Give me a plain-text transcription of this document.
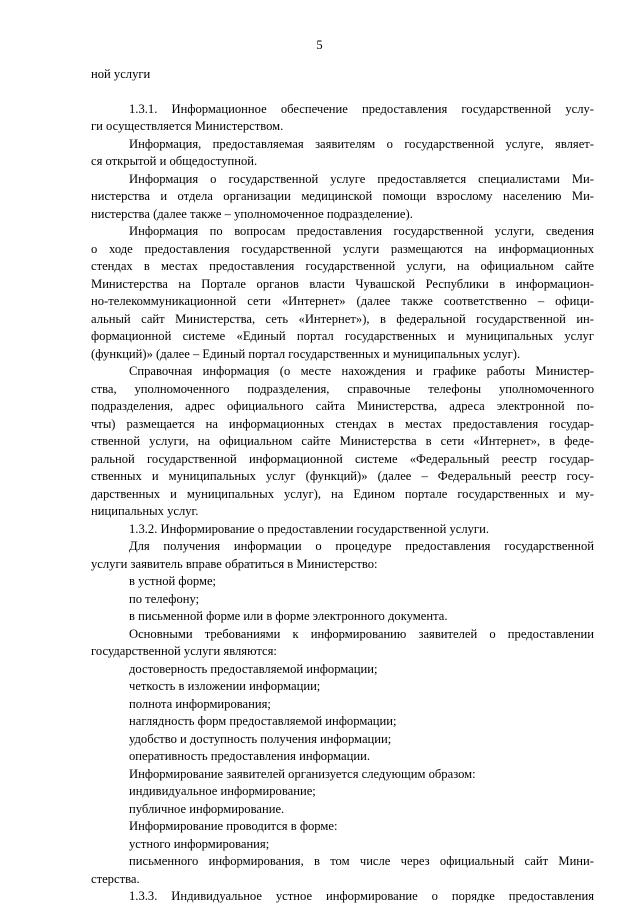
5
ной услуги
1.3.1. Информационное обеспечение предоставления государственной услу-
ги осуществляется Министерством.
Информация, предоставляемая заявителям о государственной услуге, являет-
ся открытой и общедоступной.
Информация о государственной услуге предоставляется специалистами Ми-
нистерства и отдела организации медицинской помощи взрослому населению Ми-
нистерства (далее также – уполномоченное подразделение).
Информация по вопросам предоставления государственной услуги, сведения
о ходе предоставления государственной услуги размещаются на информационных
стендах в местах предоставления государственной услуги, на официальном сайте
Министерства на Портале органов власти Чувашской Республики в информацион-
но-телекоммуникационной сети «Интернет» (далее также соответственно – офици-
альный сайт Министерства, сеть «Интернет»), в федеральной государственной ин-
формационной системе «Единый портал государственных и муниципальных услуг
(функций)» (далее – Единый портал государственных и муниципальных услуг).
Справочная информация (о месте нахождения и графике работы Министер-
ства, уполномоченного подразделения, справочные телефоны уполномоченного
подразделения, адрес официального сайта Министерства, адреса электронной по-
чты) размещается на информационных стендах в местах предоставления государ-
ственной услуги, на официальном сайте Министерства в сети «Интернет», в феде-
ральной государственной информационной системе «Федеральный реестр государ-
ственных и муниципальных услуг (функций)» (далее – Федеральный реестр госу-
дарственных и муниципальных услуг), на Едином портале государственных и му-
ниципальных услуг.
1.3.2. Информирование о предоставлении государственной услуги.
Для получения информации о процедуре предоставления государственной
услуги заявитель вправе обратиться в Министерство:
в устной форме;
по телефону;
в письменной форме или в форме электронного документа.
Основными требованиями к информированию заявителей о предоставлении
государственной услуги являются:
достоверность предоставляемой информации;
четкость в изложении информации;
полнота информирования;
наглядность форм предоставляемой информации;
удобство и доступность получения информации;
оперативность предоставления информации.
Информирование заявителей организуется следующим образом:
индивидуальное информирование;
публичное информирование.
Информирование проводится в форме:
устного информирования;
письменного информирования, в том числе через официальный сайт Мини-
стерства.
1.3.3. Индивидуальное устное информирование о порядке предоставления
